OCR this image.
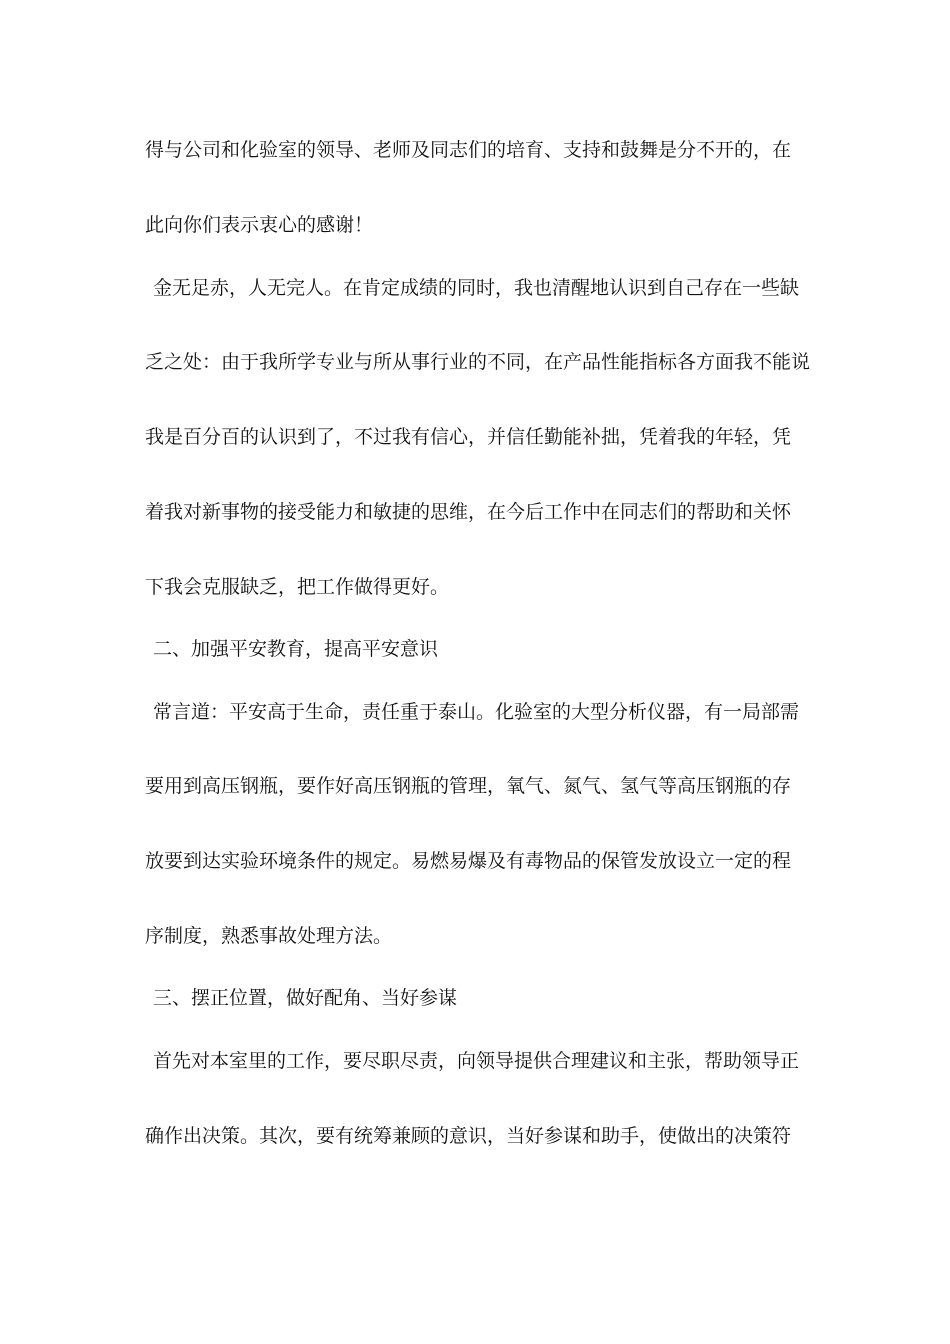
得与公司和化验室的领导、老师及同志们的培育、支持和鼓舞是分不开的，在
此向你们表示衷心的感谢！
金无足赤，人无完人。在肯定成绩的同时，我也清醒地认识到自己存在一些缺
乏之处：由于我所学专业与所从事行业的不同，在产品性能指标各方面我不能说
我是百分百的认识到了，不过我有信心，并信任勤能补拙，凭着我的年轻，凭
着我对新事物的接受能力和敏捷的思维，在今后工作中在同志们的帮助和关怀
下我会克服缺乏，把工作做得更好。
二、加强平安教育，提高平安意识
常言道：平安高于生命，责任重于泰山。化验室的大型分析仪器，有一局部需
要用到高压钢瓶，要作好高压钢瓶的管理，氧气、氮气、氢气等高压钢瓶的存
放要到达实验环境条件的规定。易燃易爆及有毒物品的保管发放设立一定的程
序制度，熟悉事故处理方法。
三、摆正位置，做好配角、当好参谋
首先对本室里的工作，要尽职尽责，向领导提供合理建议和主张，帮助领导正
确作出决策。其次，要有统筹兼顾的意识，当好参谋和助手，使做出的决策符
